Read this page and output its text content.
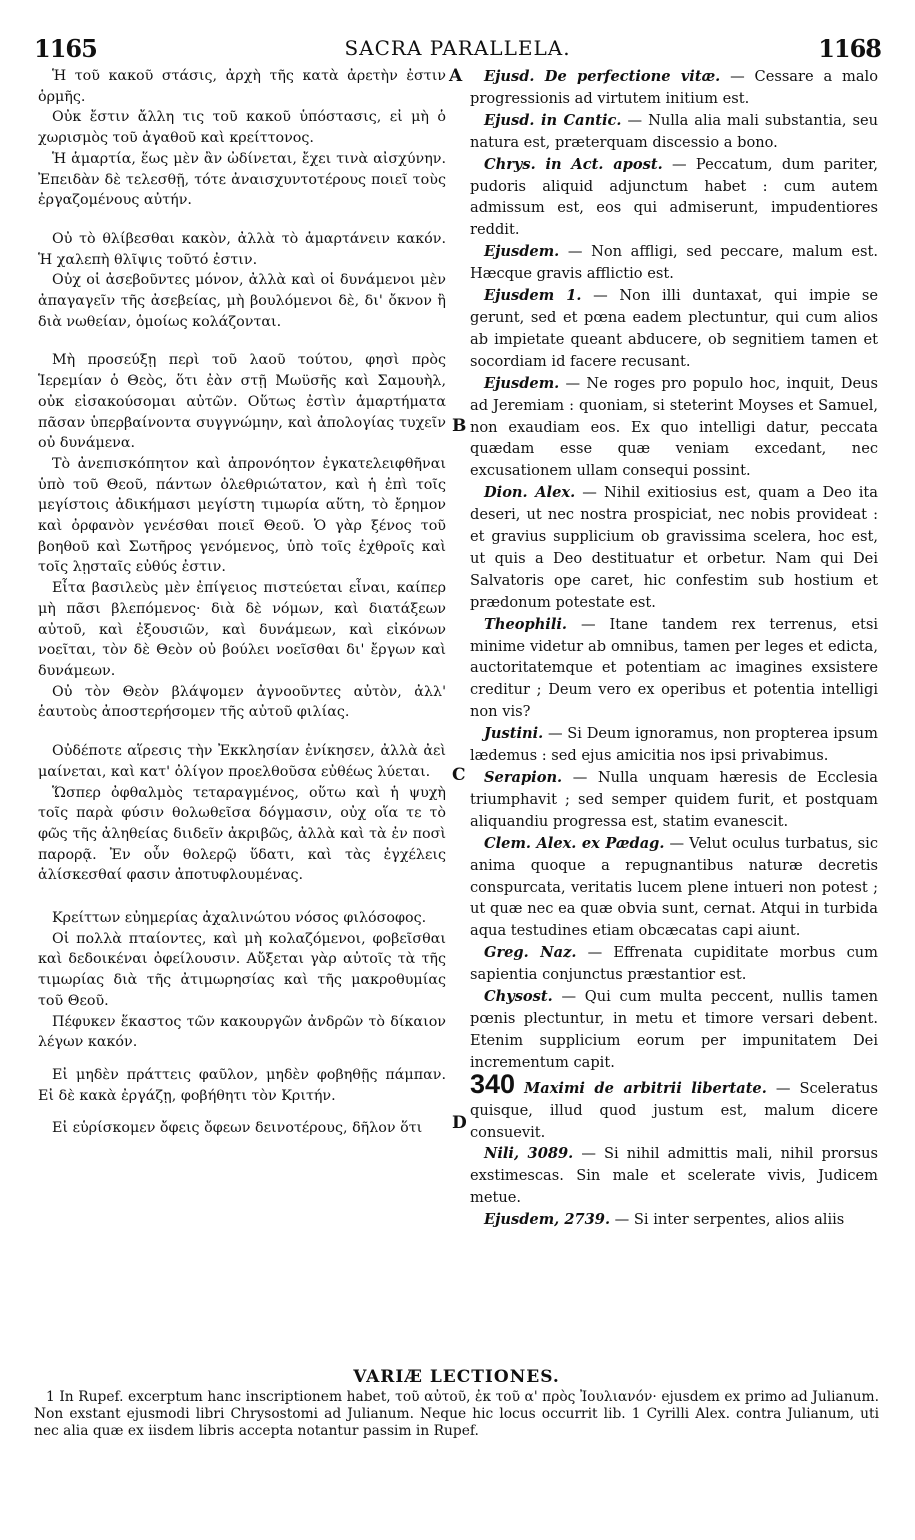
1165	SACRA PARALLELA.	1168
A
B
C
D

Ἡ τοῦ κακοῦ στάσις, ἀρχὴ τῆς κατὰ ἀρετὴν ἐστιν ὁρμῆς.

Οὐκ ἔστιν ἄλλη τις τοῦ κακοῦ ὑπόστασις, εἰ μὴ ὁ χωρισμὸς τοῦ ἀγαθοῦ καὶ κρείττονος.

Ἡ ἁμαρτία, ἕως μὲν ἂν ὠδίνεται, ἔχει τινὰ αἰσχύνην. Ἐπειδὰν δὲ τελεσθῇ, τότε ἀναισχυντοτέρους ποιεῖ τοὺς ἐργαζομένους αὐτήν.

Οὐ τὸ θλίβεσθαι κακὸν, ἀλλὰ τὸ ἁμαρτάνειν κακόν. Ἡ χαλεπὴ θλῖψις τοῦτό ἐστιν.

Οὐχ οἱ ἀσεβοῦντες μόνον, ἀλλὰ καὶ οἱ δυνάμενοι μὲν ἀπαγαγεῖν τῆς ἀσεβείας, μὴ βουλόμενοι δὲ, δι' ὄκνον ἢ διὰ νωθείαν, ὁμοίως κολάζονται.

Μὴ προσεύξῃ περὶ τοῦ λαοῦ τούτου, φησὶ πρὸς Ἱερεμίαν ὁ Θεὸς, ὅτι ἐὰν στῇ Μωϋσῆς καὶ Σαμουὴλ, οὐκ εἰσακούσομαι αὐτῶν. Οὕτως ἐστὶν ἁμαρτήματα πᾶσαν ὑπερβαίνοντα συγγνώμην, καὶ ἀπολογίας τυχεῖν οὐ δυνάμενα.

Τὸ ἀνεπισκόπητον καὶ ἀπρονόητον ἐγκατελειφθῆναι ὑπὸ τοῦ Θεοῦ, πάντων ὀλεθριώτατον, καὶ ἡ ἐπὶ τοῖς μεγίστοις ἀδικήμασι μεγίστη τιμωρία αὕτη, τὸ ἔρημον καὶ ὀρφανὸν γενέσθαι ποιεῖ Θεοῦ. Ὁ γὰρ ξένος τοῦ βοηθοῦ καὶ Σωτῆρος γενόμενος, ὑπὸ τοῖς ἐχθροῖς καὶ τοῖς λῃσταῖς εὐθύς ἐστιν.

Εἶτα βασιλεὺς μὲν ἐπίγειος πιστεύεται εἶναι, καίπερ μὴ πᾶσι βλεπόμενος· διὰ δὲ νόμων, καὶ διατάξεων αὐτοῦ, καὶ ἐξουσιῶν, καὶ δυνάμεων, καὶ εἰκόνων νοεῖται, τὸν δὲ Θεὸν οὐ βούλει νοεῖσθαι δι' ἔργων καὶ δυνάμεων.

Οὐ τὸν Θεὸν βλάψομεν ἀγνοοῦντες αὐτὸν, ἀλλ' ἑαυτοὺς ἀποστερήσομεν τῆς αὐτοῦ φιλίας.

Οὐδέποτε αἵρεσις τὴν Ἐκκλησίαν ἐνίκησεν, ἀλλὰ ἀεὶ μαίνεται, καὶ κατ' ὀλίγον προελθοῦσα εὐθέως λύεται.

Ὥσπερ ὀφθαλμὸς τεταραγμένος, οὕτω καὶ ἡ ψυχὴ τοῖς παρὰ φύσιν θολωθεῖσα δόγμασιν, οὐχ οἵα τε τὸ φῶς τῆς ἀληθείας διιδεῖν ἀκριβῶς, ἀλλὰ καὶ τὰ ἐν ποσὶ παρορᾷ. Ἐν οὖν θολερῷ ὕδατι, καὶ τὰς ἐγχέλεις ἁλίσκεσθαί φασιν ἀποτυφλουμένας.

Κρείττων εὐημερίας ἀχαλινώτου νόσος φιλόσοφος.

Οἱ πολλὰ πταίοντες, καὶ μὴ κολαζόμενοι, φοβεῖσθαι καὶ δεδοικέναι ὀφείλουσιν. Αὔξεται γὰρ αὐτοῖς τὰ τῆς τιμωρίας διὰ τῆς ἀτιμωρησίας καὶ τῆς μακροθυμίας τοῦ Θεοῦ.

Πέφυκεν ἕκαστος τῶν κακουργῶν ἀνδρῶν τὸ δίκαιον λέγων κακόν.

Εἰ μηδὲν πράττεις φαῦλον, μηδὲν φοβηθῇς πάμπαν. Εἰ δὲ κακὰ ἐργάζῃ, φοβήθητι τὸν Κριτήν.

Εἰ εὑρίσκομεν ὄφεις ὄφεων δεινοτέρους, δῆλον ὅτι

Ejusd. De perfectione vitæ. — Cessare a malo progressionis ad virtutem initium est.

Ejusd. in Cantic. — Nulla alia mali substantia, seu natura est, præterquam discessio a bono.

Chrys. in Act. apost. — Peccatum, dum pariter, pudoris aliquid adjunctum habet : cum autem admissum est, eos qui admiserunt, impudentiores reddit.

Ejusdem. — Non affligi, sed peccare, malum est. Hæcque gravis afflictio est.

Ejusdem 1. — Non illi duntaxat, qui impie se gerunt, sed et pœna eadem plectuntur, qui cum alios ab impietate queant abducere, ob segnitiem tamen et socordiam id facere recusant.

Ejusdem. — Ne roges pro populo hoc, inquit, Deus ad Jeremiam : quoniam, si steterint Moyses et Samuel, non exaudiam eos. Ex quo intelligi datur, peccata quædam esse quæ veniam excedant, nec excusationem ullam consequi possint.

Dion. Alex. — Nihil exitiosius est, quam a Deo ita deseri, ut nec nostra prospiciat, nec nobis provideat : et gravius supplicium ob gravissima scelera, hoc est, ut quis a Deo destituatur et orbetur. Nam qui Dei Salvatoris ope caret, hic confestim sub hostium et prædonum potestate est.

Theophili. — Itane tandem rex terrenus, etsi minime videtur ab omnibus, tamen per leges et edicta, auctoritatemque et potentiam ac imagines exsistere creditur ; Deum vero ex operibus et potentia intelligi non vis?

Justini. — Si Deum ignoramus, non propterea ipsum lædemus : sed ejus amicitia nos ipsi privabimus.

Serapion. — Nulla unquam hæresis de Ecclesia triumphavit ; sed semper quidem furit, et postquam aliquandiu progressa est, statim evanescit.

Clem. Alex. ex Pædag. — Velut oculus turbatus, sic anima quoque a repugnantibus naturæ decretis conspurcata, veritatis lucem plene intueri non potest ; ut quæ nec ea quæ obvia sunt, cernat. Atqui in turbida aqua testudines etiam obcæcatas capi aiunt.

Greg. Naz. — Effrenata cupiditate morbus cum sapientia conjunctus præstantior est.

Chysost. — Qui cum multa peccent, nullis tamen pœnis plectuntur, in metu et timore versari debent. Etenim supplicium eorum per impunitatem Dei incrementum capit.

340 Maximi de arbitrii libertate. — Sceleratus quisque, illud quod justum est, malum dicere consuevit.

Nili, 3089. — Si nihil admittis mali, nihil prorsus exstimescas. Sin male et scelerate vivis, Judicem metue.

Ejusdem, 2739. — Si inter serpentes, alios aliis

VARIÆ LECTIONES.

1 In Rupef. excerptum hanc inscriptionem habet, τοῦ αὐτοῦ, ἐκ τοῦ α' πρὸς Ἰουλιανόν· ejusdem ex primo ad Julianum. Non exstant ejusmodi libri Chrysostomi ad Julianum. Neque hic locus occurrit lib. 1 Cyrilli Alex. contra Julianum, uti nec alia quæ ex iisdem libris accepta notantur passim in Rupef.
